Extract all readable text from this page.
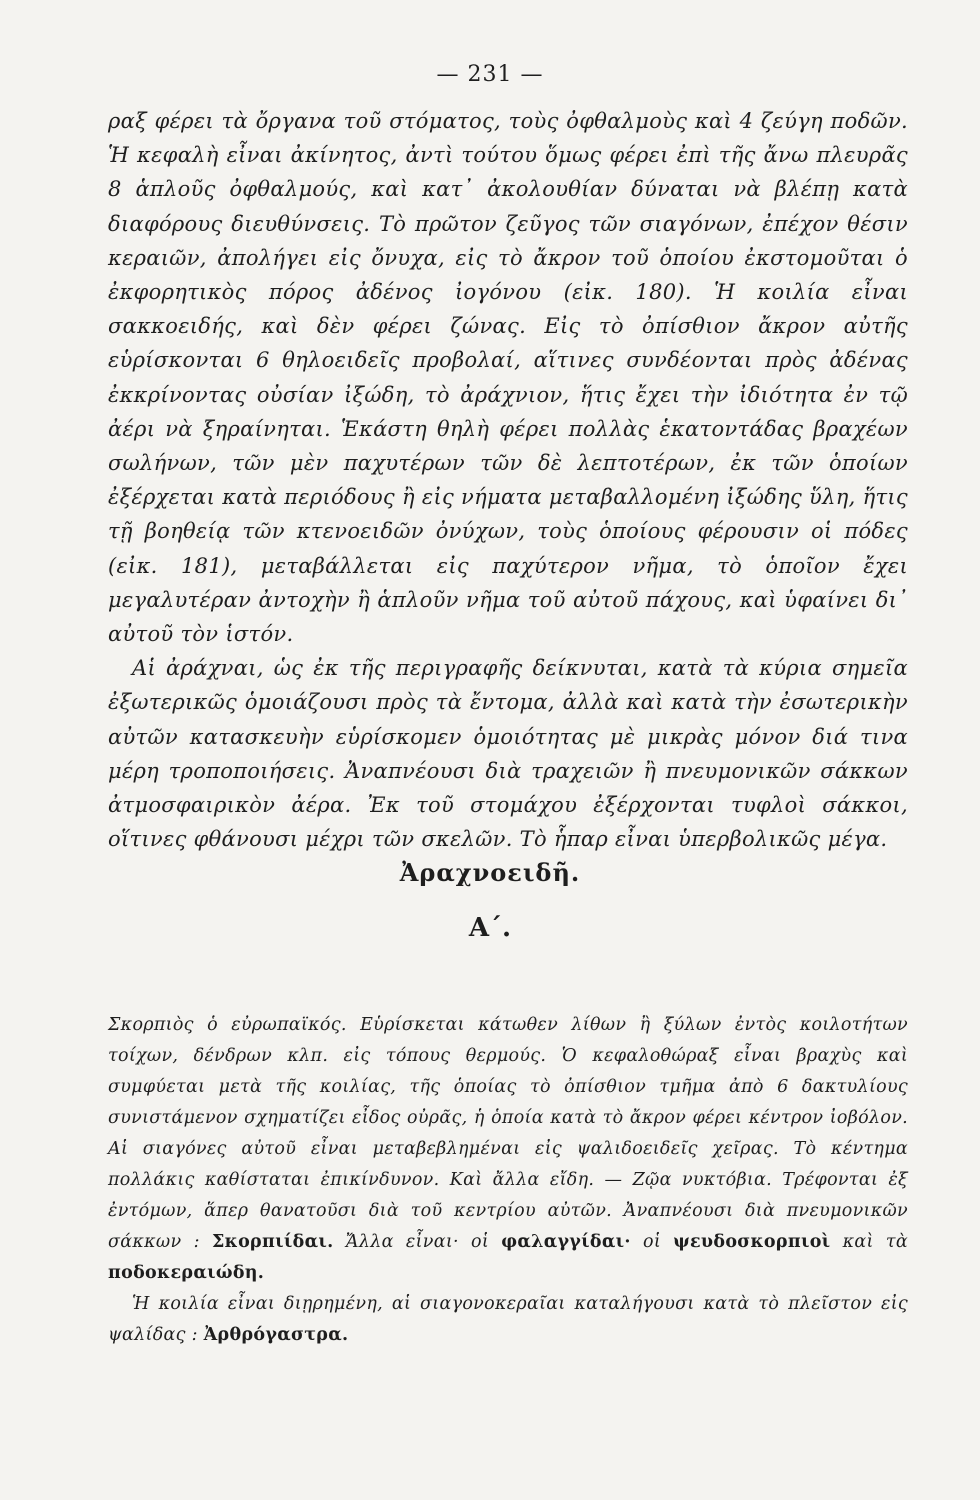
— 231 —

ραξ φέρει τὰ ὄργανα τοῦ στόματος, τοὺς ὀφθαλμοὺς καὶ 4 ζεύγη ποδῶν. Ἡ κεφαλὴ εἶναι ἀκίνητος, ἀντὶ τούτου ὅμως φέρει ἐπὶ τῆς ἄνω πλευρᾶς 8 ἁπλοῦς ὀφθαλμούς, καὶ κατ᾿ ἀκολουθίαν δύναται νὰ βλέπῃ κατὰ διαφόρους διευθύνσεις. Τὸ πρῶτον ζεῦγος τῶν σιαγόνων, ἐπέχον θέσιν κεραιῶν, ἀπολήγει εἰς ὄνυχα, εἰς τὸ ἄκρον τοῦ ὁποίου ἐκστομοῦται ὁ ἐκφορητικὸς πόρος ἀδένος ἰογόνου (εἰκ. 180). Ἡ κοιλία εἶναι σακκοειδής, καὶ δὲν φέρει ζώνας. Εἰς τὸ ὀπίσθιον ἄκρον αὐτῆς εὑρίσκονται 6 θηλοειδεῖς προβολαί, αἵτινες συνδέονται πρὸς ἀδένας ἐκκρίνοντας οὐσίαν ἰξώδη, τὸ ἀράχνιον, ἥτις ἔχει τὴν ἰδιότητα ἐν τῷ ἀέρι νὰ ξηραίνηται. Ἑκάστη θηλὴ φέρει πολλὰς ἑκατοντάδας βραχέων σωλήνων, τῶν μὲν παχυτέρων τῶν δὲ λεπτοτέρων, ἐκ τῶν ὁποίων ἐξέρχεται κατὰ περιόδους ἢ εἰς νήματα μεταβαλλομένη ἰξώδης ὕλη, ἥτις τῇ βοηθείᾳ τῶν κτενοειδῶν ὀνύχων, τοὺς ὁποίους φέρουσιν οἱ πόδες (εἰκ. 181), μεταβάλλεται εἰς παχύτερον νῆμα, τὸ ὁποῖον ἔχει μεγαλυτέραν ἀντοχὴν ἢ ἁπλοῦν νῆμα τοῦ αὐτοῦ πάχους, καὶ ὑφαίνει δι᾿ αὐτοῦ τὸν ἱστόν.

Αἱ ἀράχναι, ὡς ἐκ τῆς περιγραφῆς δείκνυται, κατὰ τὰ κύρια σημεῖα ἐξωτερικῶς ὁμοιάζουσι πρὸς τὰ ἔντομα, ἀλλὰ καὶ κατὰ τὴν ἐσωτερικὴν αὐτῶν κατασκευὴν εὑρίσκομεν ὁμοιότητας μὲ μικρὰς μόνον διά τινα μέρη τροποποιήσεις. Ἀναπνέουσι διὰ τραχειῶν ἢ πνευμονικῶν σάκκων ἀτμοσφαιρικὸν ἀέρα. Ἐκ τοῦ στομάχου ἐξέρχονται τυφλοὶ σάκκοι, οἵτινες φθάνουσι μέχρι τῶν σκελῶν. Τὸ ἧπαρ εἶναι ὑπερβολικῶς μέγα.

Ἀραχνοειδῆ.
Α΄.

Σκορπιὸς ὁ εὐρωπαϊκός. Εὑρίσκεται κάτωθεν λίθων ἢ ξύλων ἐντὸς κοιλοτήτων τοίχων, δένδρων κλπ. εἰς τόπους θερμούς. Ὁ κεφαλοθώραξ εἶναι βραχὺς καὶ συμφύεται μετὰ τῆς κοιλίας, τῆς ὁποίας τὸ ὀπίσθιον τμῆμα ἀπὸ 6 δακτυλίους συνιστάμενον σχηματίζει εἶδος οὐρᾶς, ἡ ὁποία κατὰ τὸ ἄκρον φέρει κέντρον ἰοβόλον. Αἱ σιαγόνες αὐτοῦ εἶναι μεταβεβλημέναι εἰς ψαλιδοειδεῖς χεῖρας. Τὸ κέντημα πολλάκις καθίσταται ἐπικίνδυνον. Καὶ ἄλλα εἴδη. — Ζῷα νυκτόβια. Τρέφονται ἐξ ἐντόμων, ἅπερ θανατοῦσι διὰ τοῦ κεντρίου αὐτῶν. Ἀναπνέουσι διὰ πνευμονικῶν σάκκων : Σκορπιίδαι. Ἄλλα εἶναι· οἱ φαλαγγίδαι· οἱ ψευδοσκορπιοὶ καὶ τὰ ποδοκεραιώδη.

Ἡ κοιλία εἶναι διῃρημένη, αἱ σιαγονοκεραῖαι καταλήγουσι κατὰ τὸ πλεῖστον εἰς ψαλίδας : Ἀρθρόγαστρα.
